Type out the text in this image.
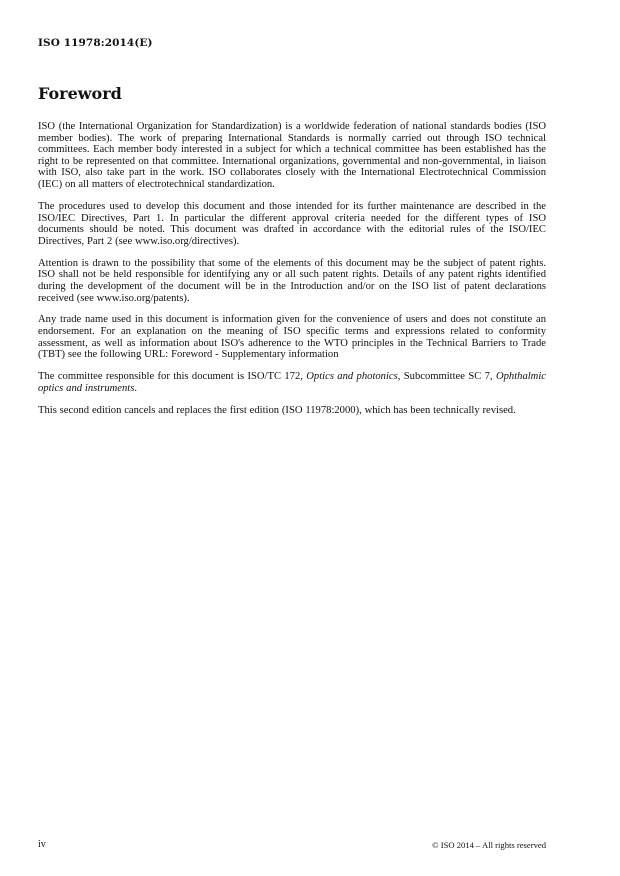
ISO 11978:2014(E)
Foreword

ISO (the International Organization for Standardization) is a worldwide federation of national standards bodies (ISO member bodies). The work of preparing International Standards is normally carried out through ISO technical committees. Each member body interested in a subject for which a technical committee has been established has the right to be represented on that committee. International organizations, governmental and non-governmental, in liaison with ISO, also take part in the work. ISO collaborates closely with the International Electrotechnical Commission (IEC) on all matters of electrotechnical standardization.

The procedures used to develop this document and those intended for its further maintenance are described in the ISO/IEC Directives, Part 1. In particular the different approval criteria needed for the different types of ISO documents should be noted. This document was drafted in accordance with the editorial rules of the ISO/IEC Directives, Part 2 (see www.iso.org/directives).

Attention is drawn to the possibility that some of the elements of this document may be the subject of patent rights. ISO shall not be held responsible for identifying any or all such patent rights. Details of any patent rights identified during the development of the document will be in the Introduction and/or on the ISO list of patent declarations received (see www.iso.org/patents).

Any trade name used in this document is information given for the convenience of users and does not constitute an endorsement. For an explanation on the meaning of ISO specific terms and expressions related to conformity assessment, as well as information about ISO's adherence to the WTO principles in the Technical Barriers to Trade (TBT) see the following URL: Foreword - Supplementary information

The committee responsible for this document is ISO/TC 172, Optics and photonics, Subcommittee SC 7, Ophthalmic optics and instruments.

This second edition cancels and replaces the first edition (ISO 11978:2000), which has been technically revised.

iv	© ISO 2014 – All rights reserved
